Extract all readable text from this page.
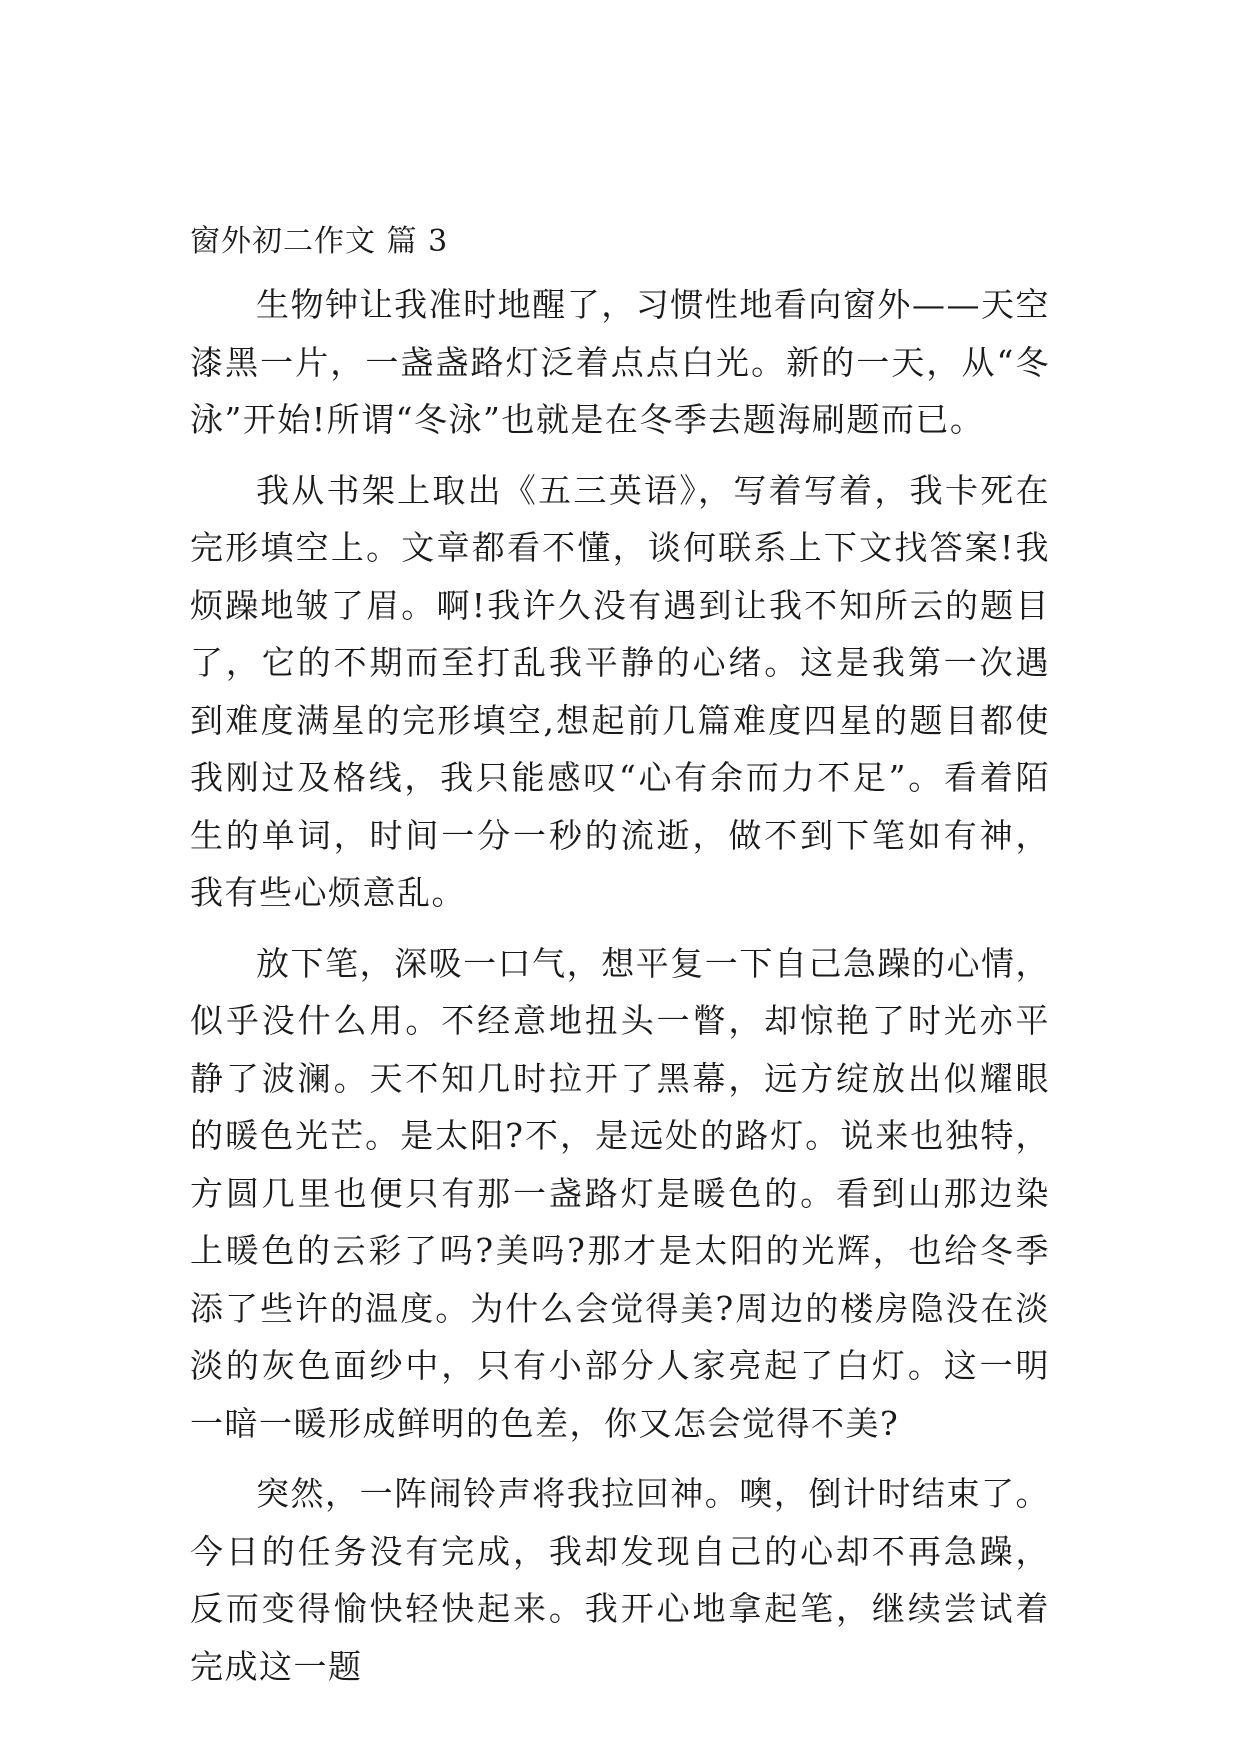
窗外初二作文 篇 3

生物钟让我准时地醒了，习惯性地看向窗外——天空漆黑一片，一盏盏路灯泛着点点白光。新的一天，从“冬泳”开始!所谓“冬泳”也就是在冬季去题海刷题而已。

我从书架上取出《五三英语》，写着写着，我卡死在完形填空上。文章都看不懂，谈何联系上下文找答案!我烦躁地皱了眉。啊!我许久没有遇到让我不知所云的题目了，它的不期而至打乱我平静的心绪。这是我第一次遇到难度满星的完形填空,想起前几篇难度四星的题目都使我刚过及格线，我只能感叹“心有余而力不足”。看着陌生的单词，时间一分一秒的流逝，做不到下笔如有神，我有些心烦意乱。

放下笔，深吸一口气，想平复一下自己急躁的心情，似乎没什么用。不经意地扭头一瞥，却惊艳了时光亦平静了波澜。天不知几时拉开了黑幕，远方绽放出似耀眼的暖色光芒。是太阳?不，是远处的路灯。说来也独特，方圆几里也便只有那一盏路灯是暖色的。看到山那边染上暖色的云彩了吗?美吗?那才是太阳的光辉，也给冬季添了些许的温度。为什么会觉得美?周边的楼房隐没在淡淡的灰色面纱中，只有小部分人家亮起了白灯。这一明一暗一暖形成鲜明的色差，你又怎会觉得不美?

突然，一阵闹铃声将我拉回神。噢，倒计时结束了。今日的任务没有完成，我却发现自己的心却不再急躁，反而变得愉快轻快起来。我开心地拿起笔，继续尝试着完成这一题
